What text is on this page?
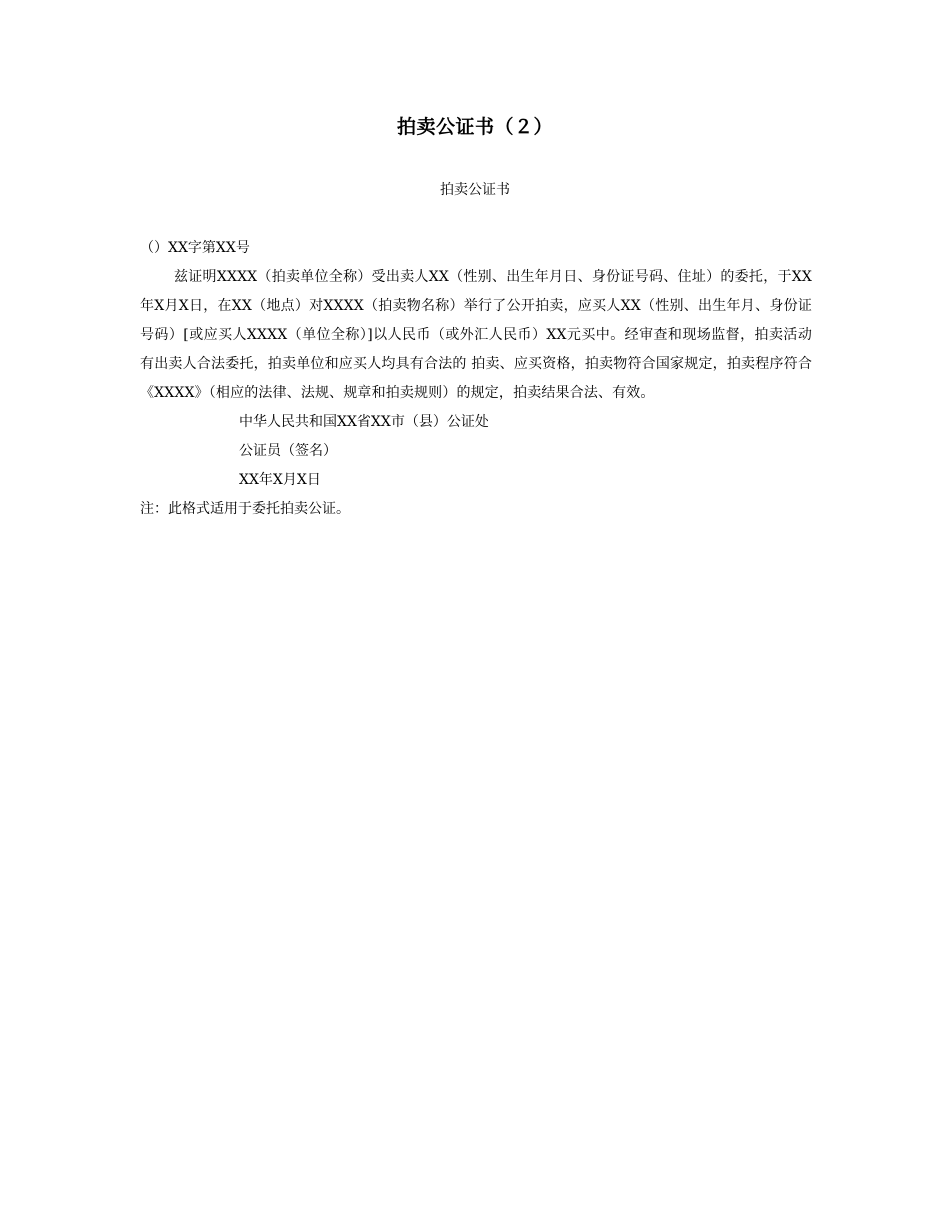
拍卖公证书（２）
拍卖公证书
（）XX字第XX号

兹证明XXXX（拍卖单位全称）受出卖人XX（性别、出生年月日、身份证号码、住址）的委托，于XX年X月X日，在XX（地点）对XXXX（拍卖物名称）举行了公开拍卖，应买人XX（性别、出生年月、身份证号码）[或应买人XXXX（单位全称）]以人民币（或外汇人民币）XX元买中。经审查和现场监督，拍卖活动有出卖人合法委托，拍卖单位和应买人均具有合法的 拍卖、应买资格，拍卖物符合国家规定，拍卖程序符合《XXXX》（相应的法律、法规、规章和拍卖规则）的规定，拍卖结果合法、有效。

中华人民共和国XX省XX市（县）公证处
公证员（签名）
XX年X月X日
注：此格式适用于委托拍卖公证。
